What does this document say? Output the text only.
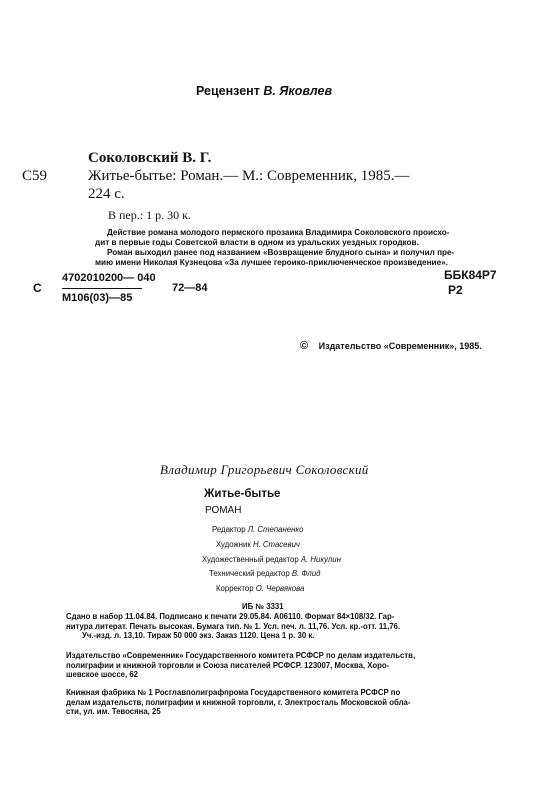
Рецензент В. Яковлев
Соколовский В. Г.
С59	Житье-бытье: Роман.— М.: Современник, 1985.—
224 с.
В пер.: 1 р. 30 к.
Действие романа молодого пермского прозаика Владимира Соколовского происхо-
дит в первые годы Советской власти в одном из уральских уездных городков.
Роман выходил ранее под названием «Возвращение блудного сына» и получил пре-
мию имени Николая Кузнецова «За лучшее героико-приключенческое произведение».
С
4702010200— 040
М106(03)—85
72—84
ББК84Р7
Р2
© Издательство «Современник», 1985.
Владимир Григорьевич Соколовский
Житье-бытье
РОМАН
Редактор Л. Степаненко
Художник Н. Стасевич
Художественный редактор А. Никулин
Технический редактор В. Флид
Корректор О. Червякова
ИБ № 3331
Сдано в набор 11.04.84. Подписано к печати 29.05.84. А06110. Формат 84×108/32. Гар-
нитура литерат. Печать высокая. Бумага тип. № 1. Усл. печ. л. 11,76. Усл. кр.-отт. 11,76.
Уч.-изд. л. 13,10. Тираж 50 000 экз. Заказ 1120. Цена 1 р. 30 к.
Издательство «Современник» Государственного комитета РСФСР по делам издательств,
полиграфии и книжной торговли и Союза писателей РСФСР. 123007, Москва, Хоро-
шевское шоссе, 62
Книжная фабрика № 1 Росглавполиграфпрома Государственного комитета РСФСР по
делам издательств, полиграфии и книжной торговли, г. Электросталь Московской обла-
сти, ул. им. Тевосяна, 25
